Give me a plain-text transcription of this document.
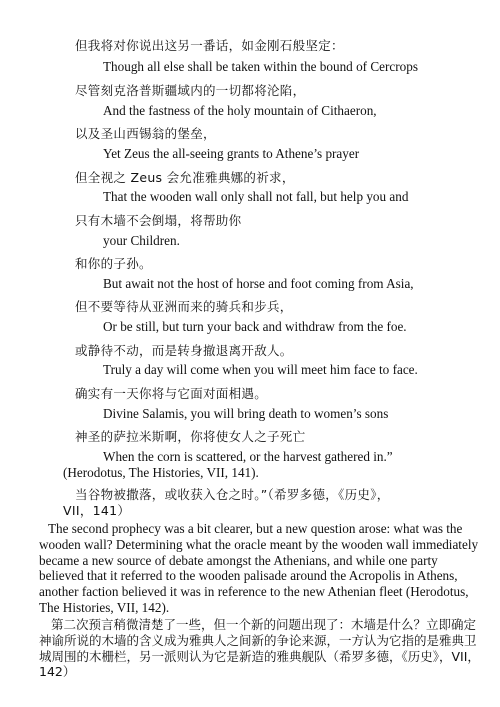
但我将对你说出这另一番话，如金刚石般坚定：

Though all else shall be taken within the bound of Cercrops

尽管刻克洛普斯疆域内的一切都将沦陷，

And the fastness of the holy mountain of Cithaeron,

以及圣山西锡翁的堡垒，

Yet Zeus the all-seeing grants to Athene’s prayer

但全视之 Zeus 会允准雅典娜的祈求，

That the wooden wall only shall not fall, but help you and

只有木墙不会倒塌，将帮助你

your Children.

和你的子孙。

But await not the host of horse and foot coming from Asia,

但不要等待从亚洲而来的骑兵和步兵，

Or be still, but turn your back and withdraw from the foe.

或静待不动，而是转身撤退离开敌人。

Truly a day will come when you will meet him face to face.

确实有一天你将与它面对面相遇。

Divine Salamis, you will bring death to women’s sons

神圣的萨拉米斯啊，你将使女人之子死亡

When the corn is scattered, or the harvest gathered in.”

(Herodotus, The Histories, VII, 141).

当谷物被撒落，或收获入仓之时。”（希罗多德，《历史》，

VII，141）

The second prophecy was a bit clearer, but a new question arose: what was the wooden wall? Determining what the oracle meant by the wooden wall immediately became a new source of debate amongst the Athenians, and while one party believed that it referred to the wooden palisade around the Acropolis in Athens, another faction believed it was in reference to the new Athenian fleet (Herodotus, The Histories, VII, 142).

第二次预言稍微清楚了一些，但一个新的问题出现了：木墙是什么？立即确定神谕所说的木墙的含义成为雅典人之间新的争论来源，一方认为它指的是雅典卫城周围的木栅栏，另一派则认为它是新造的雅典舰队（希罗多德，《历史》，VII，142）
